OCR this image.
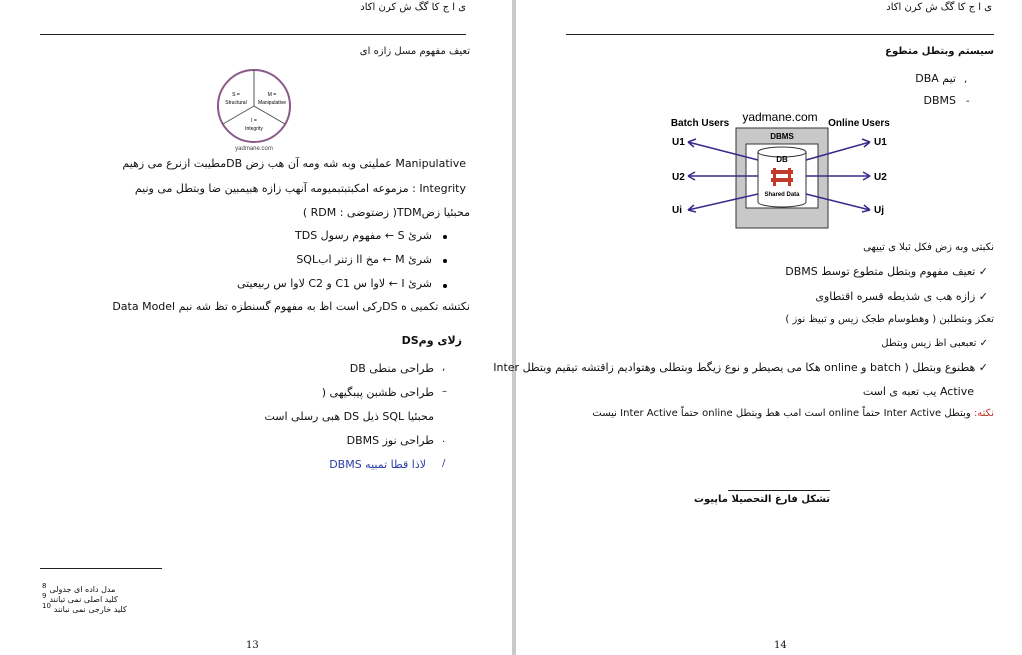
ی ا ج کا گگ ش کرن اکاد
تعیف مفهوم مسل زازه ای
S =
Structural
M =
Manipulative
I =
Integrity
yadmane.com
Manipulative عملیتی وبه شه ومه آن هب زض DBمطيبت ازنرع می زهیم
Integrity : مزموعه امکبتبتبمیومه آنهب زازه هبیمبین ضا وبتطل می ونیم
محبئيا زضTDM( زضتوضی : RDM )
شرئ S ← مفهوم رسول TDS
شرئ M ← مخ اا زتنر ابSQL
شرئ I ← لاوا س C1 و C2 لاوا س ربيعيتی
نکتشه تکمیی ه DSرکی است اظ به مفهوم گسنطزه تظ شه نبم Data Model
زلای ومDS
,
طراحی منطی DB
–
طراحی ظشبن پیبگیهی (
محبئیا SQL ذیل DS هبی رسلی است
.
طراحی نوز DBMS
/
لاذا قطا تمبیه DBMS
$^8$ مدل داده ای جدولی
$^9$ کلید اصلی نمی تبانند
$^{10}$ کلید خارجی نمی نبانند
13
ی ا ج کا گگ ش کرن اکاد
سیستم وبتطل متطوع
,
تیم DBA
-
DBMS
yadmane.com
Batch Users	Online Users
DBMS
DB
Shared Data
U1
U2
Ui
U1
U2
Uj
نکبتی وبه زض فکل ثبلا ی تییهی
✓ تعیف مفهوم وبتطل متطوع توسط DBMS
✓ زازه هب ی شذیطه قسره اقتطاوی
تعکز وبتطلبن ( وهطوسام طجک زیس و تبیظ نوز )
✓ تعبعبی اظ زیس وبتطل
✓ هطنوع وبتطل ( batch و online هکا می یصیطر و نوع زیگط وبتطلی وهتوادیم زاقتشه تیقیم وبتطل Inter
Active یب تعبه ی است
نکته: وبتطل Inter Active حتماً online است امب هط وبتطل online حتماً Inter Active نیست
تشکل فارغ التحصیلا ماپیوت
14
